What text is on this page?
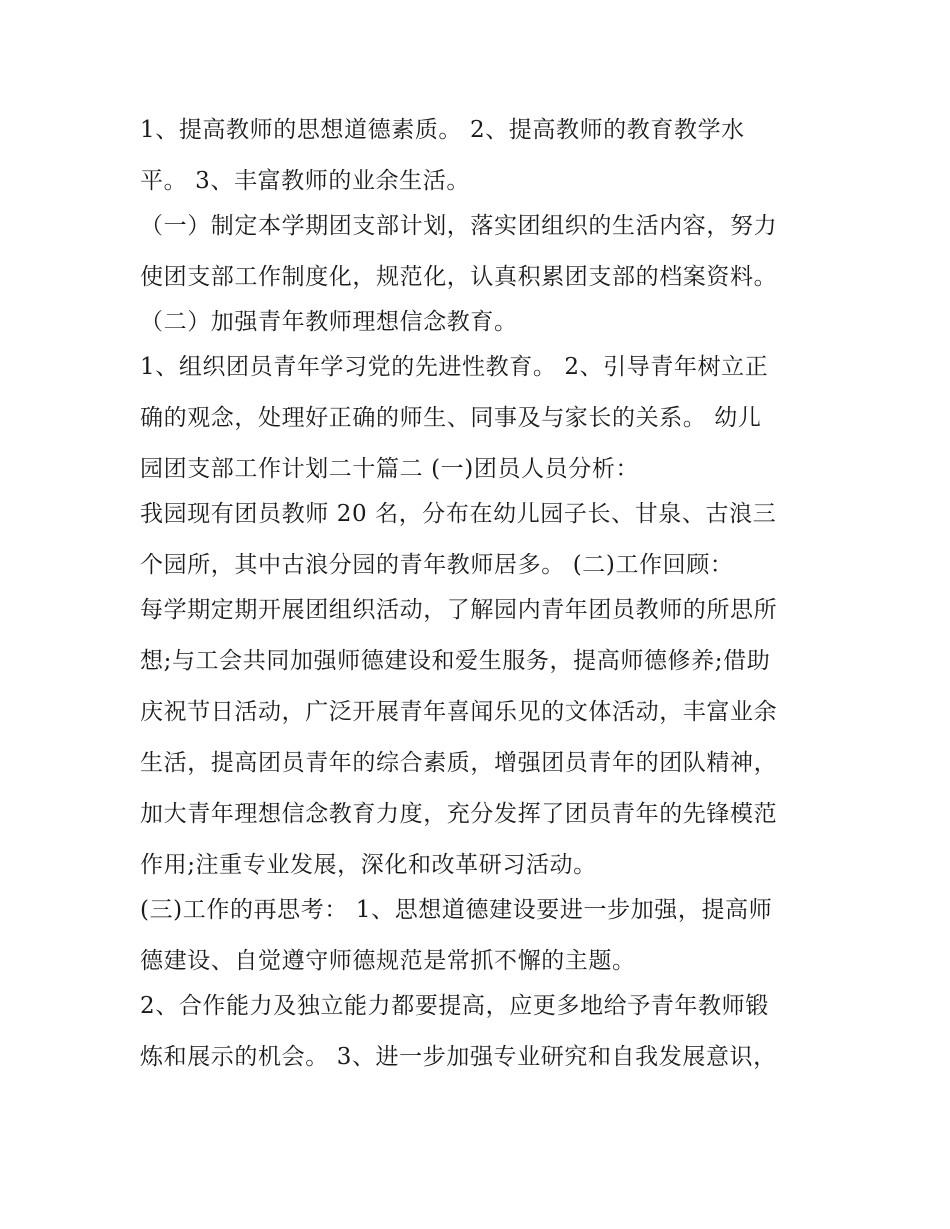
1、提高教师的思想道德素质。 2、提高教师的教育教学水
平。 3、丰富教师的业余生活。
（一）制定本学期团支部计划，落实团组织的生活内容，努力
使团支部工作制度化，规范化，认真积累团支部的档案资料。
（二）加强青年教师理想信念教育。
1、组织团员青年学习党的先进性教育。 2、引导青年树立正
确的观念，处理好正确的师生、同事及与家长的关系。 幼儿
园团支部工作计划二十篇二 (一)团员人员分析：
我园现有团员教师 20 名，分布在幼儿园子长、甘泉、古浪三
个园所，其中古浪分园的青年教师居多。 (二)工作回顾：
每学期定期开展团组织活动，了解园内青年团员教师的所思所
想;与工会共同加强师德建设和爱生服务，提高师德修养;借助
庆祝节日活动，广泛开展青年喜闻乐见的文体活动，丰富业余
生活，提高团员青年的综合素质，增强团员青年的团队精神，
加大青年理想信念教育力度，充分发挥了团员青年的先锋模范
作用;注重专业发展，深化和改革研习活动。
(三)工作的再思考： 1、思想道德建设要进一步加强，提高师
德建设、自觉遵守师德规范是常抓不懈的主题。
2、合作能力及独立能力都要提高，应更多地给予青年教师锻
炼和展示的机会。 3、进一步加强专业研究和自我发展意识，
